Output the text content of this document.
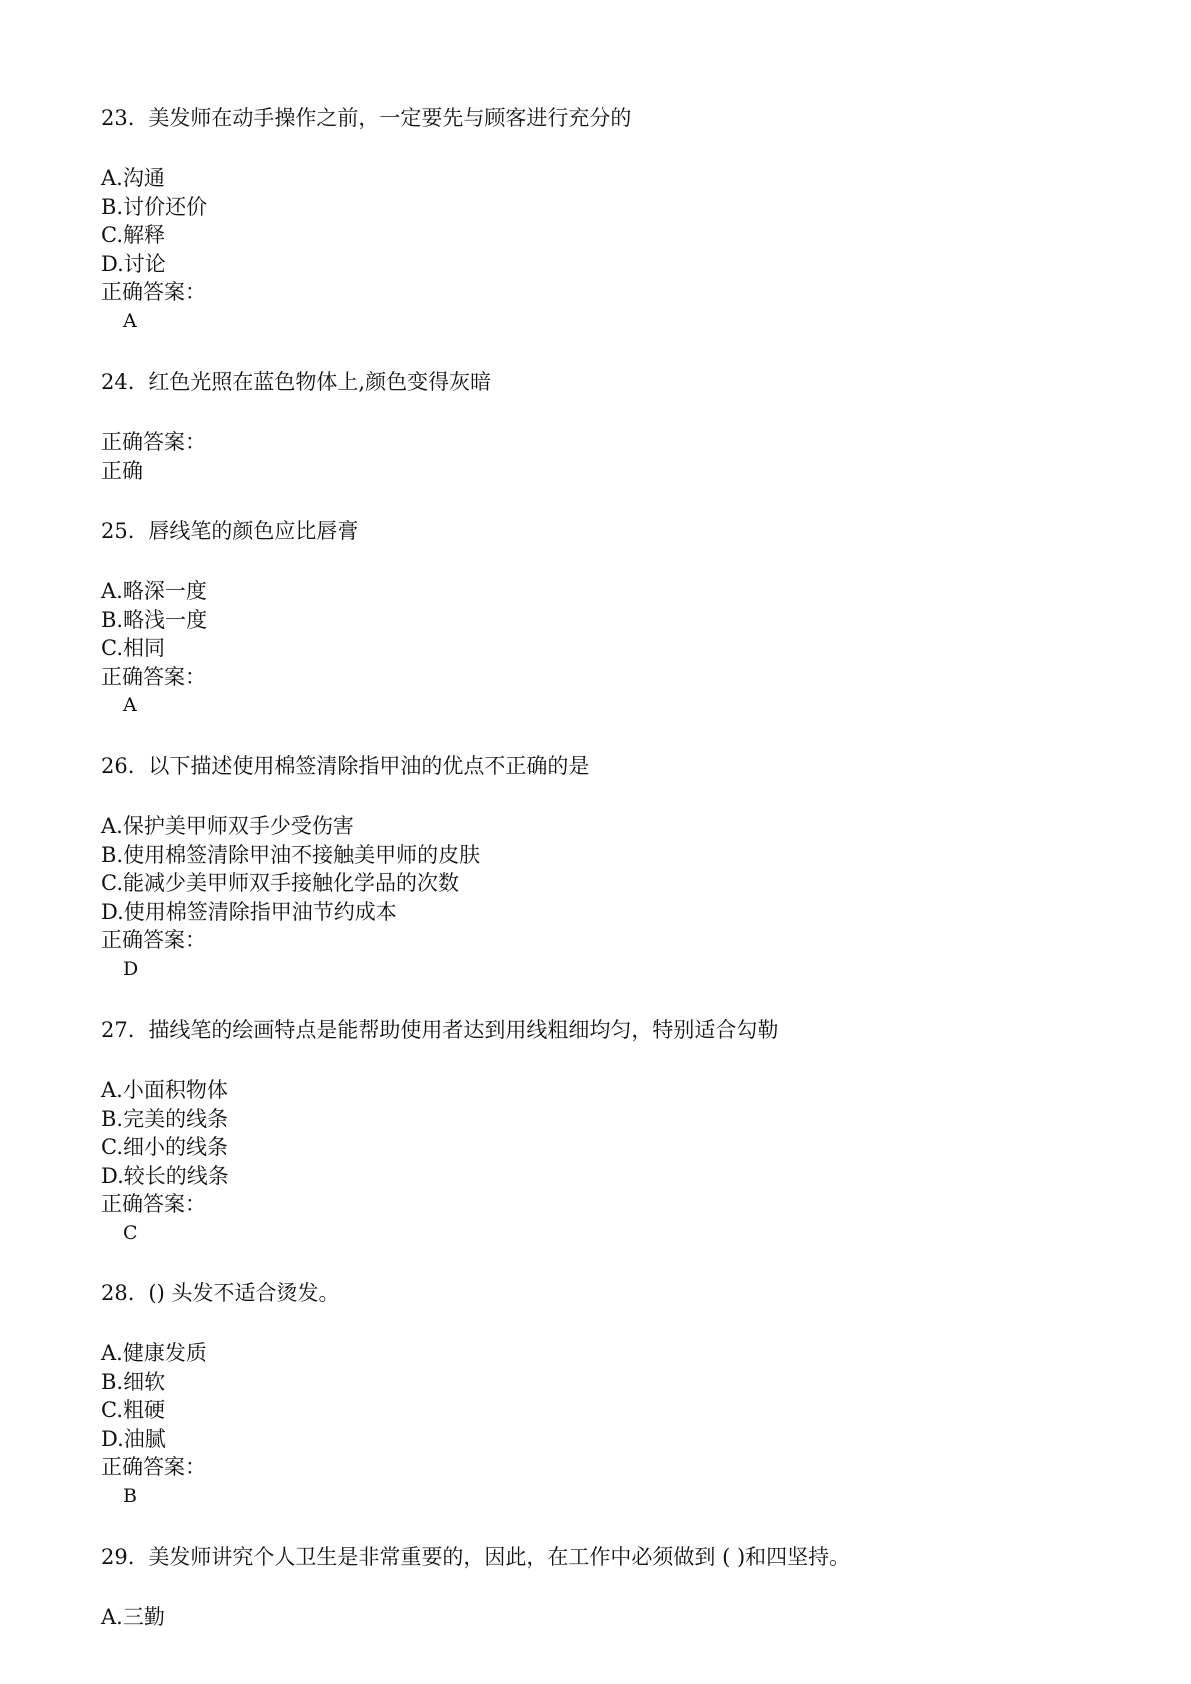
23. 美发师在动手操作之前，一定要先与顾客进行充分的
A.沟通
B.讨价还价
C.解释
D.讨论
正确答案：
A
24. 红色光照在蓝色物体上,颜色变得灰暗
正确答案：
正确
25. 唇线笔的颜色应比唇膏
A.略深一度
B.略浅一度
C.相同
正确答案：
A
26. 以下描述使用棉签清除指甲油的优点不正确的是
A.保护美甲师双手少受伤害
B.使用棉签清除甲油不接触美甲师的皮肤
C.能减少美甲师双手接触化学品的次数
D.使用棉签清除指甲油节约成本
正确答案：
D
27. 描线笔的绘画特点是能帮助使用者达到用线粗细均匀，特别适合勾勒
A.小面积物体
B.完美的线条
C.细小的线条
D.较长的线条
正确答案：
C
28. () 头发不适合烫发。
A.健康发质
B.细软
C.粗硬
D.油腻
正确答案：
B
29. 美发师讲究个人卫生是非常重要的，因此，在工作中必须做到 ( )和四坚持。
A.三勤
